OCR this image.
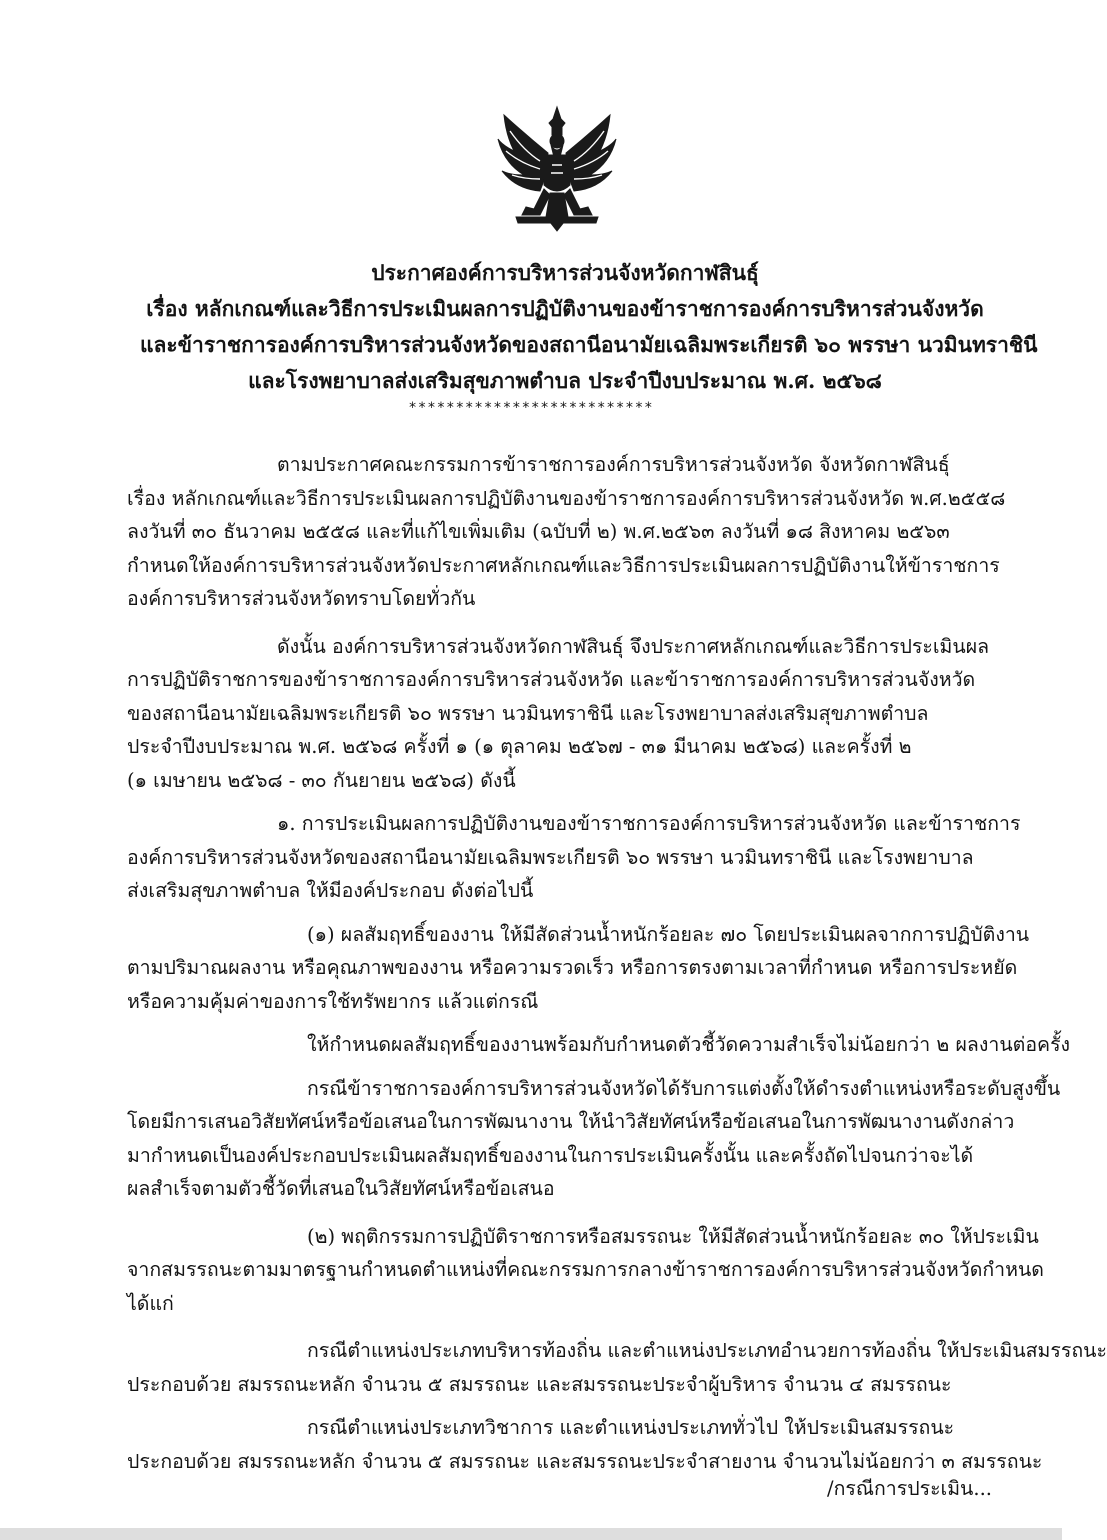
ประกาศองค์การบริหารส่วนจังหวัดกาฬสินธุ์
เรื่อง หลักเกณฑ์และวิธีการประเมินผลการปฏิบัติงานของข้าราชการองค์การบริหารส่วนจังหวัด
และข้าราชการองค์การบริหารส่วนจังหวัดของสถานีอนามัยเฉลิมพระเกียรติ ๖๐ พรรษา นวมินทราชินี
และโรงพยาบาลส่งเสริมสุขภาพตำบล ประจำปีงบประมาณ พ.ศ. ๒๕๖๘
**************************
ตามประกาศคณะกรรมการข้าราชการองค์การบริหารส่วนจังหวัด จังหวัดกาฬสินธุ์
เรื่อง หลักเกณฑ์และวิธีการประเมินผลการปฏิบัติงานของข้าราชการองค์การบริหารส่วนจังหวัด พ.ศ.๒๕๕๘
ลงวันที่ ๓๐ ธันวาคม ๒๕๕๘ และที่แก้ไขเพิ่มเติม (ฉบับที่ ๒) พ.ศ.๒๕๖๓ ลงวันที่ ๑๘ สิงหาคม ๒๕๖๓
กำหนดให้องค์การบริหารส่วนจังหวัดประกาศหลักเกณฑ์และวิธีการประเมินผลการปฏิบัติงานให้ข้าราชการ
องค์การบริหารส่วนจังหวัดทราบโดยทั่วกัน
ดังนั้น องค์การบริหารส่วนจังหวัดกาฬสินธุ์ จึงประกาศหลักเกณฑ์และวิธีการประเมินผล
การปฏิบัติราชการของข้าราชการองค์การบริหารส่วนจังหวัด และข้าราชการองค์การบริหารส่วนจังหวัด
ของสถานีอนามัยเฉลิมพระเกียรติ ๖๐ พรรษา นวมินทราชินี และโรงพยาบาลส่งเสริมสุขภาพตำบล
ประจำปีงบประมาณ พ.ศ. ๒๕๖๘ ครั้งที่ ๑ (๑ ตุลาคม ๒๕๖๗ - ๓๑ มีนาคม ๒๕๖๘) และครั้งที่ ๒
(๑ เมษายน ๒๕๖๘ - ๓๐ กันยายน ๒๕๖๘) ดังนี้
๑. การประเมินผลการปฏิบัติงานของข้าราชการองค์การบริหารส่วนจังหวัด และข้าราชการ
องค์การบริหารส่วนจังหวัดของสถานีอนามัยเฉลิมพระเกียรติ ๖๐ พรรษา นวมินทราชินี และโรงพยาบาล
ส่งเสริมสุขภาพตำบล ให้มีองค์ประกอบ ดังต่อไปนี้
(๑) ผลสัมฤทธิ์ของงาน ให้มีสัดส่วนน้ำหนักร้อยละ ๗๐ โดยประเมินผลจากการปฏิบัติงาน
ตามปริมาณผลงาน หรือคุณภาพของงาน หรือความรวดเร็ว หรือการตรงตามเวลาที่กำหนด หรือการประหยัด
หรือความคุ้มค่าของการใช้ทรัพยากร แล้วแต่กรณี
ให้กำหนดผลสัมฤทธิ์ของงานพร้อมกับกำหนดตัวชี้วัดความสำเร็จไม่น้อยกว่า ๒ ผลงานต่อครั้ง
กรณีข้าราชการองค์การบริหารส่วนจังหวัดได้รับการแต่งตั้งให้ดำรงตำแหน่งหรือระดับสูงขึ้น
โดยมีการเสนอวิสัยทัศน์หรือข้อเสนอในการพัฒนางาน ให้นำวิสัยทัศน์หรือข้อเสนอในการพัฒนางานดังกล่าว
มากำหนดเป็นองค์ประกอบประเมินผลสัมฤทธิ์ของงานในการประเมินครั้งนั้น และครั้งถัดไปจนกว่าจะได้
ผลสำเร็จตามตัวชี้วัดที่เสนอในวิสัยทัศน์หรือข้อเสนอ
(๒) พฤติกรรมการปฏิบัติราชการหรือสมรรถนะ ให้มีสัดส่วนน้ำหนักร้อยละ ๓๐ ให้ประเมิน
จากสมรรถนะตามมาตรฐานกำหนดตำแหน่งที่คณะกรรมการกลางข้าราชการองค์การบริหารส่วนจังหวัดกำหนด
ได้แก่
กรณีตำแหน่งประเภทบริหารท้องถิ่น และตำแหน่งประเภทอำนวยการท้องถิ่น ให้ประเมินสมรรถนะ
ประกอบด้วย สมรรถนะหลัก จำนวน ๕ สมรรถนะ และสมรรถนะประจำผู้บริหาร จำนวน ๔ สมรรถนะ
กรณีตำแหน่งประเภทวิชาการ และตำแหน่งประเภททั่วไป ให้ประเมินสมรรถนะ
ประกอบด้วย สมรรถนะหลัก จำนวน ๕ สมรรถนะ และสมรรถนะประจำสายงาน จำนวนไม่น้อยกว่า ๓ สมรรถนะ
/กรณีการประเมิน...
